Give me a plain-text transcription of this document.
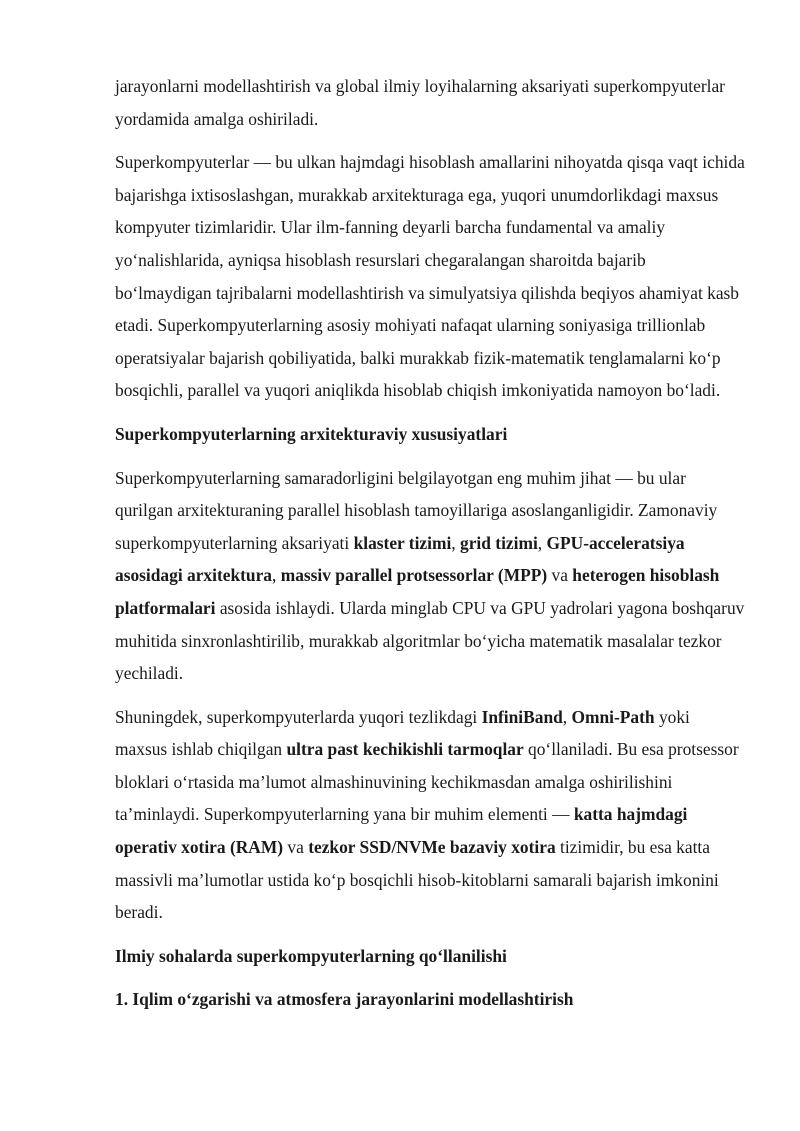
jarayonlarni modellashtirish va global ilmiy loyihalarning aksariyati superkompyuterlar yordamida amalga oshiriladi.

Superkompyuterlar — bu ulkan hajmdagi hisoblash amallarini nihoyatda qisqa vaqt ichida bajarishga ixtisoslashgan, murakkab arxitekturaga ega, yuqori unumdorlikdagi maxsus kompyuter tizimlaridir. Ular ilm-fanning deyarli barcha fundamental va amaliy yo‘nalishlarida, ayniqsa hisoblash resurslari chegaralangan sharoitda bajarib bo‘lmaydigan tajribalarni modellashtirish va simulyatsiya qilishda beqiyos ahamiyat kasb etadi. Superkompyuterlarning asosiy mohiyati nafaqat ularning soniyasiga trillionlab operatsiyalar bajarish qobiliyatida, balki murakkab fizik-matematik tenglamalarni ko‘p bosqichli, parallel va yuqori aniqlikda hisoblab chiqish imkoniyatida namoyon bo‘ladi.

Superkompyuterlarning arxitekturaviy xususiyatlari

Superkompyuterlarning samaradorligini belgilayotgan eng muhim jihat — bu ular qurilgan arxitekturaning parallel hisoblash tamoyillariga asoslanganligidir. Zamonaviy superkompyuterlarning aksariyati klaster tizimi, grid tizimi, GPU-acceleratsiya asosidagi arxitektura, massiv parallel protsessorlar (MPP) va heterogen hisoblash platformalari asosida ishlaydi. Ularda minglab CPU va GPU yadrolari yagona boshqaruv muhitida sinxronlashtirilib, murakkab algoritmlar bo‘yicha matematik masalalar tezkor yechiladi.

Shuningdek, superkompyuterlarda yuqori tezlikdagi InfiniBand, Omni-Path yoki maxsus ishlab chiqilgan ultra past kechikishli tarmoqlar qo‘llaniladi. Bu esa protsessor bloklari o‘rtasida ma’lumot almashinuvining kechikmasdan amalga oshirilishini ta’minlaydi. Superkompyuterlarning yana bir muhim elementi — katta hajmdagi operativ xotira (RAM) va tezkor SSD/NVMe bazaviy xotira tizimidir, bu esa katta massivli ma’lumotlar ustida ko‘p bosqichli hisob-kitoblarni samarali bajarish imkonini beradi.

Ilmiy sohalarda superkompyuterlarning qo‘llanilishi

1. Iqlim o‘zgarishi va atmosfera jarayonlarini modellashtirish
